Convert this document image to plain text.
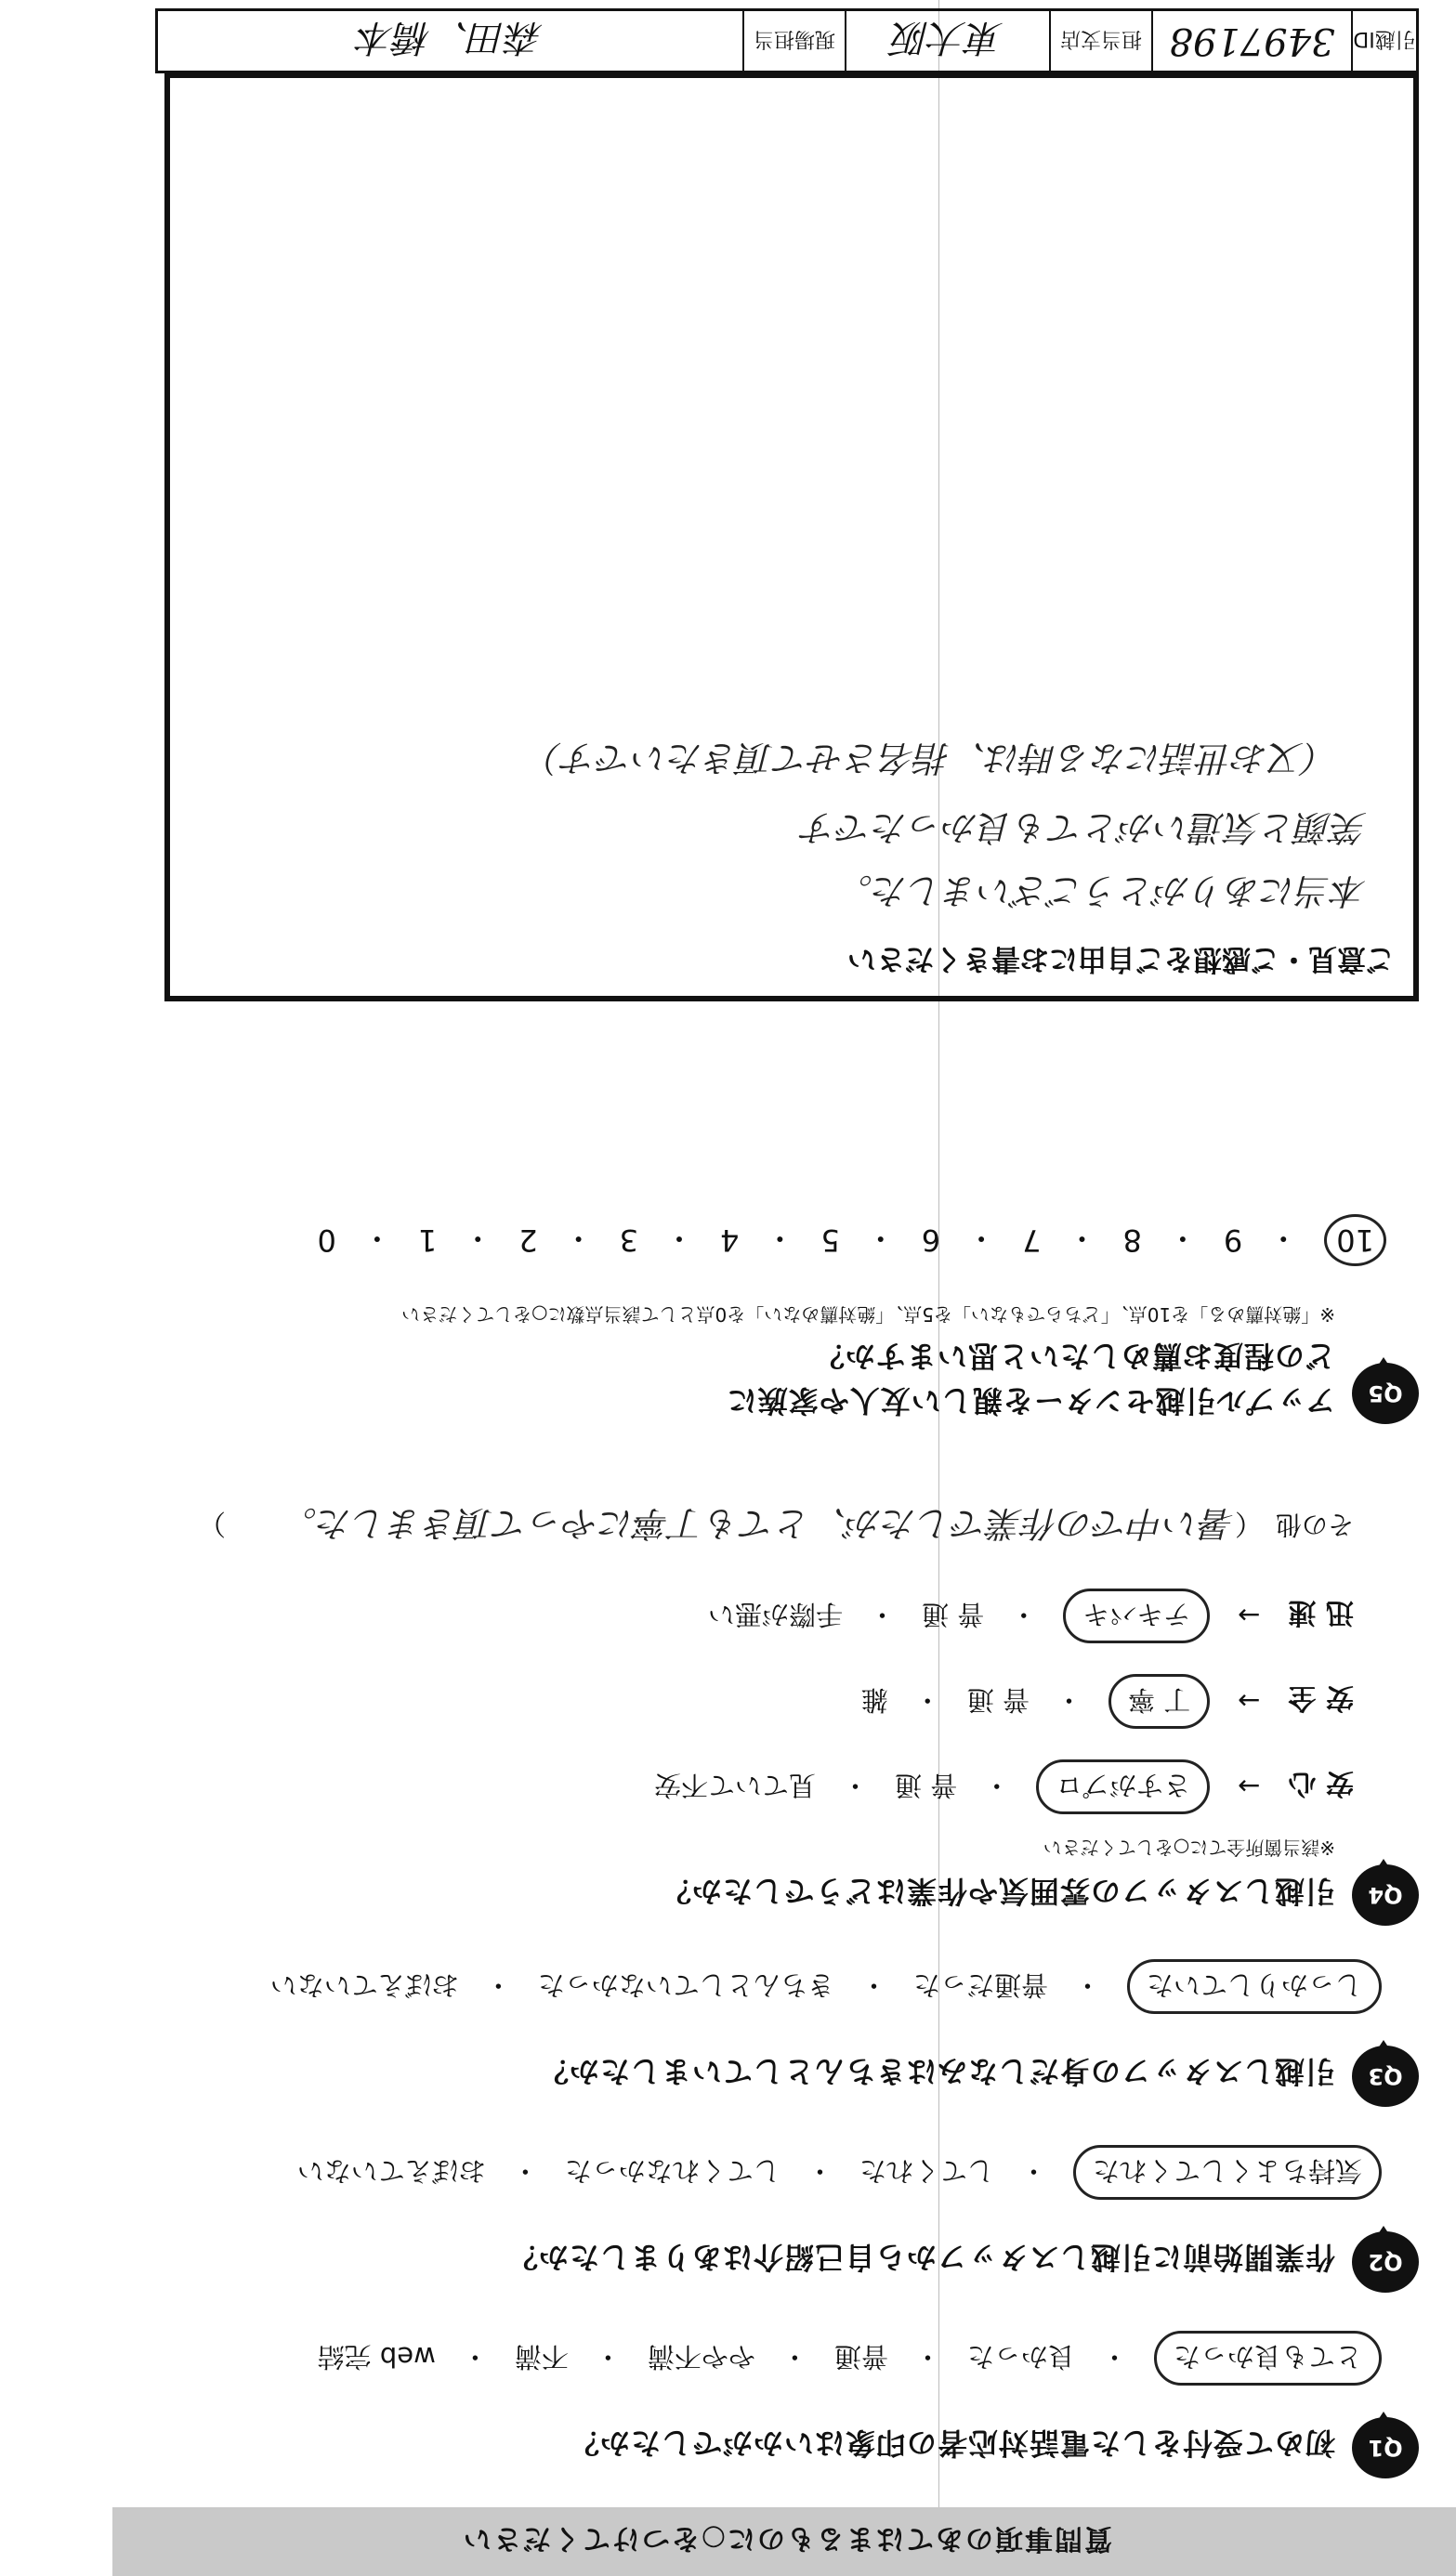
質問事項のあてはまるものに○をつけてください
Q1
初めて受付をした電話対応者の印象はいかがでしたか？
とても良かった
・
良かった
・
普通
・
やや不満
・
不満
・
web 完結
Q2
作業開始前に引越しスタッフから自己紹介はありましたか？
気持ちよくしてくれた
・
してくれた
・
してくれなかった
・
おぼえていない
Q3
引越しスタッフの身だしなみはきちんとしていましたか？
しっかりしていた
・
普通だった
・
きちんとしていなかった
・
おぼえていない
Q4
引越しスタッフの雰囲気や作業はどうでしたか？
※該当箇所全てに○をしてください
安 心
→
さすがプロ
・
普 通
・
見ていて不安
安 全
→
丁 寧
・
普 通
・
雑
迅 速
→
テキパキ
・
普 通
・
手際が悪い
その他
（
暑い中での作業でしたが、とても丁寧にやって頂きました。
）
Q5
アップル引越センターを親しい友人や家族に
どの程度お薦めしたいと思いますか？
※「絶対薦める」を10点、「どちらでもない」を5点、「絶対薦めない」を0点として該当点数に○をしてください
10
・
9
・
8
・
7
・
6
・
5
・
4
・
3
・
2
・
1
・
0
ご意見・ご感想をご自由にお書きください
本当にありがとうございました。
笑顔と気遣いがとても良かったです
（又お世話になる時は、指名させて頂きたいです）
引越ID
3497198
担当支店
東大阪
現場担当
森田、橋本
